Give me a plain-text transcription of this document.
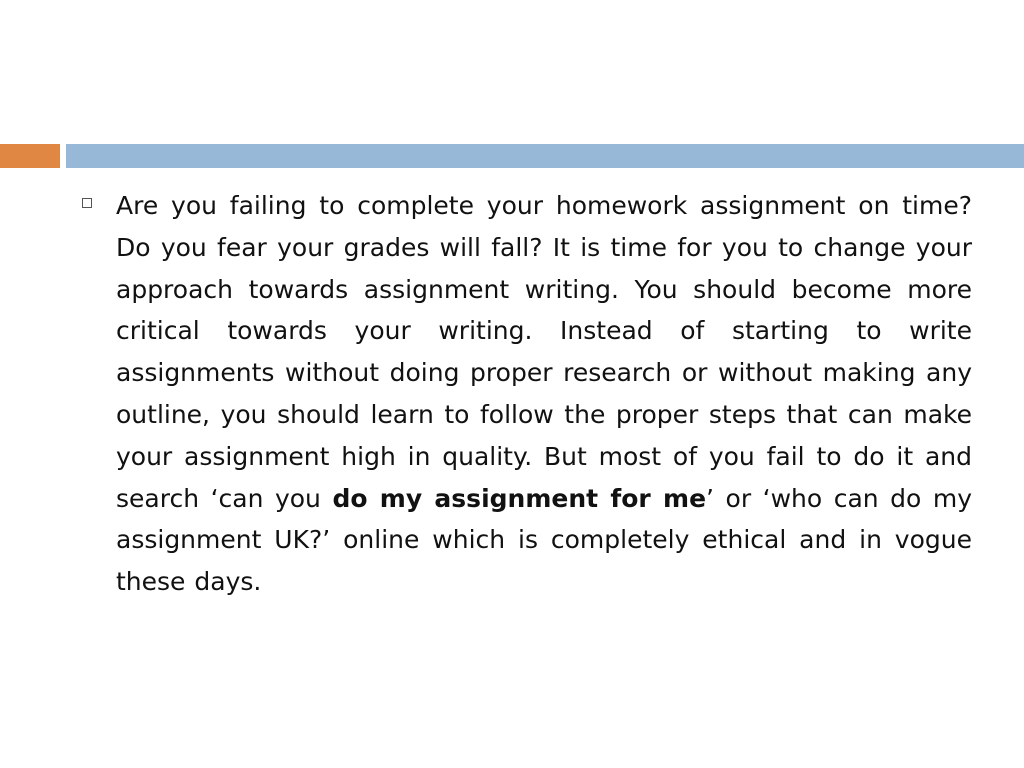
Are you failing to complete your homework assignment on time? Do you fear your grades will fall? It is time for you to change your approach towards assignment writing. You should become more critical towards your writing. Instead of starting to write assignments without doing proper research or without making any outline, you should learn to follow the proper steps that can make your assignment high in quality. But most of you fail to do it and search ‘can you do my assignment for me’ or ‘who can do my assignment UK?’ online which is completely ethical and in vogue these days.
